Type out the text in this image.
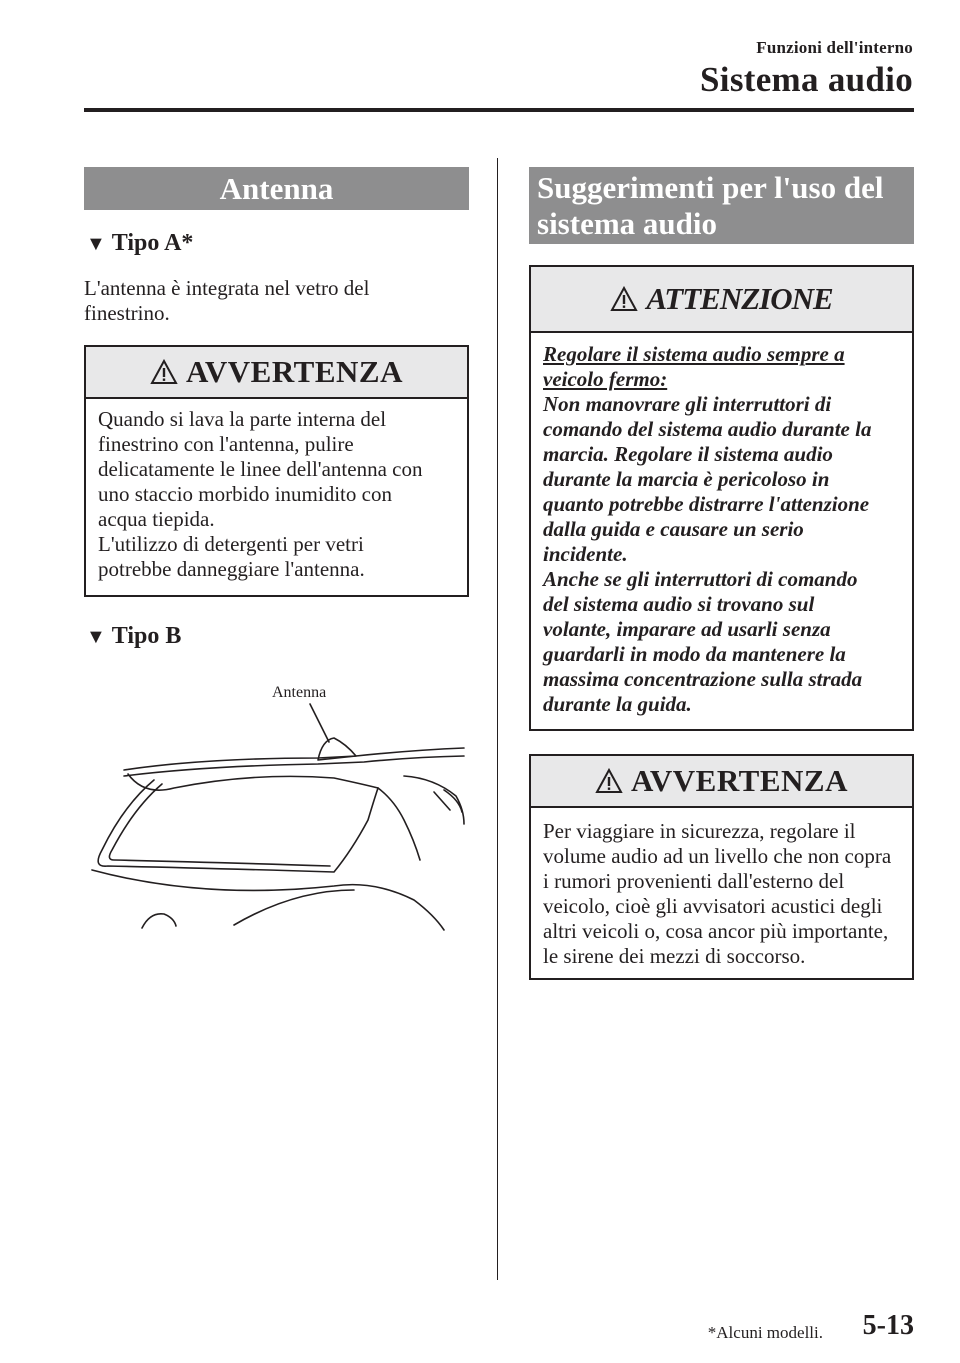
Funzioni dell'interno
Sistema audio
Antenna
▼ Tipo A*
L'antenna è integrata nel vetro del
finestrino.
AVVERTENZA
Quando si lava la parte interna del
finestrino con l'antenna, pulire
delicatamente le linee dell'antenna con
uno staccio morbido inumidito con
acqua tiepida.
L'utilizzo di detergenti per vetri
potrebbe danneggiare l'antenna.
▼ Tipo B
Antenna
Suggerimenti per l'uso del
sistema audio
ATTENZIONE
Regolare il sistema audio sempre a
veicolo fermo:
Non manovrare gli interruttori di
comando del sistema audio durante la
marcia. Regolare il sistema audio
durante la marcia è pericoloso in
quanto potrebbe distrarre l'attenzione
dalla guida e causare un serio
incidente.
Anche se gli interruttori di comando
del sistema audio si trovano sul
volante, imparare ad usarli senza
guardarli in modo da mantenere la
massima concentrazione sulla strada
durante la guida.
AVVERTENZA
Per viaggiare in sicurezza, regolare il
volume audio ad un livello che non copra
i rumori provenienti dall'esterno del
veicolo, cioè gli avvisatori acustici degli
altri veicoli o, cosa ancor più importante,
le sirene dei mezzi di soccorso.
*Alcuni modelli. 5-13
